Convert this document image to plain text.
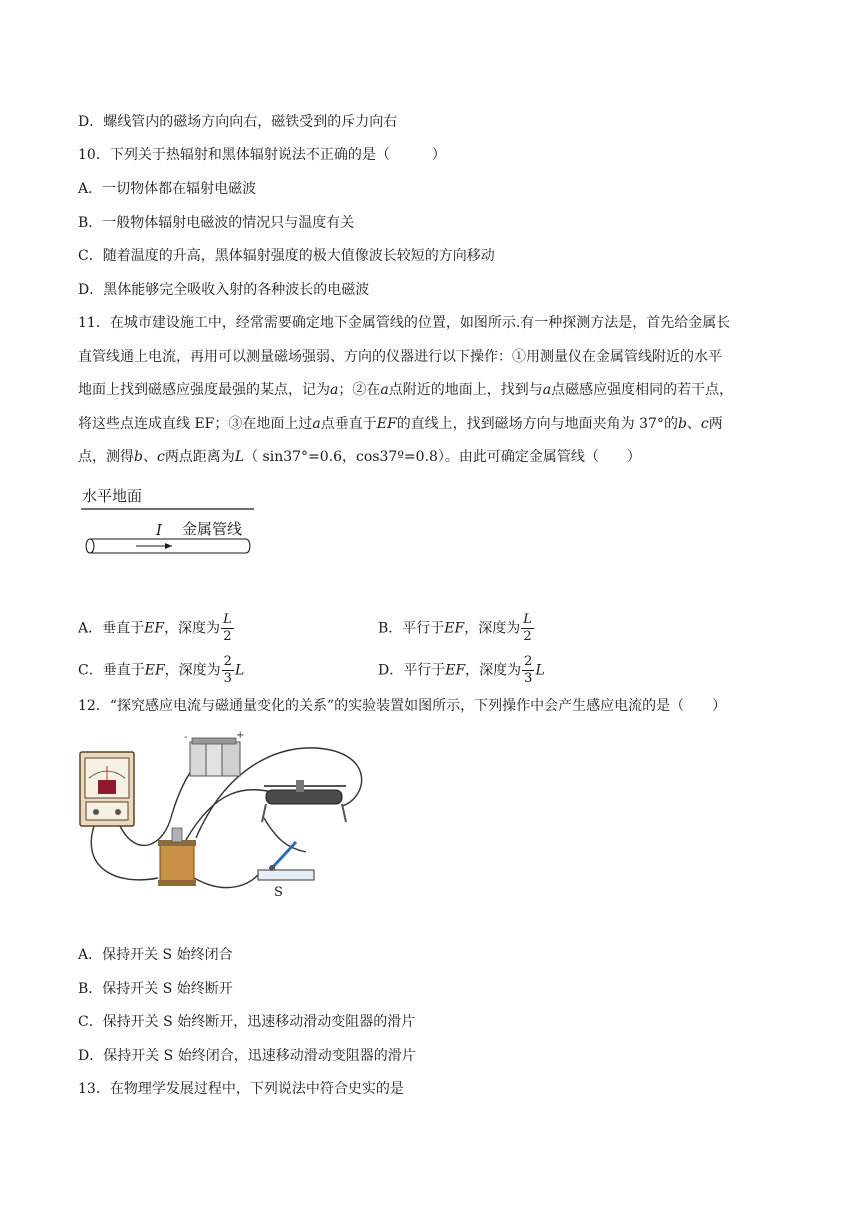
D．螺线管内的磁场方向向右，磁铁受到的斥力向右
10．下列关于热辐射和黑体辐射说法不正确的是（　　　）
A．一切物体都在辐射电磁波
B．一般物体辐射电磁波的情况只与温度有关
C．随着温度的升高，黑体辐射强度的极大值像波长较短的方向移动
D．黑体能够完全吸收入射的各种波长的电磁波
11．在城市建设施工中，经常需要确定地下金属管线的位置，如图所示.有一种探测方法是，首先给金属长
直管线通上电流，再用可以测量磁场强弱、方向的仪器进行以下操作：①用测量仪在金属管线附近的水平
地面上找到磁感应强度最强的某点，记为a；②在a点附近的地面上，找到与a点磁感应强度相同的若干点，
将这些点连成直线 EF；③在地面上过a点垂直于EF的直线上，找到磁场方向与地面夹角为 37°的b、c两
点，测得b、c两点距离为L（ sin37°=0.6，cos37º=0.8）。由此可确定金属管线（　　）
水平地面
I 金属管线
A．垂直于EF，深度为 $\frac{L}{2}$	B．平行于EF，深度为 $\frac{L}{2}$
C．垂直于EF，深度为 $\frac{2}{3}$ L	D．平行于EF，深度为 $\frac{2}{3}$ L
12．“探究感应电流与磁通量变化的关系”的实验装置如图所示，下列操作中会产生感应电流的是（　　）
-	+
S
A．保持开关 S 始终闭合
B．保持开关 S 始终断开
C．保持开关 S 始终断开，迅速移动滑动变阻器的滑片
D．保持开关 S 始终闭合，迅速移动滑动变阻器的滑片
13．在物理学发展过程中，下列说法中符合史实的是
